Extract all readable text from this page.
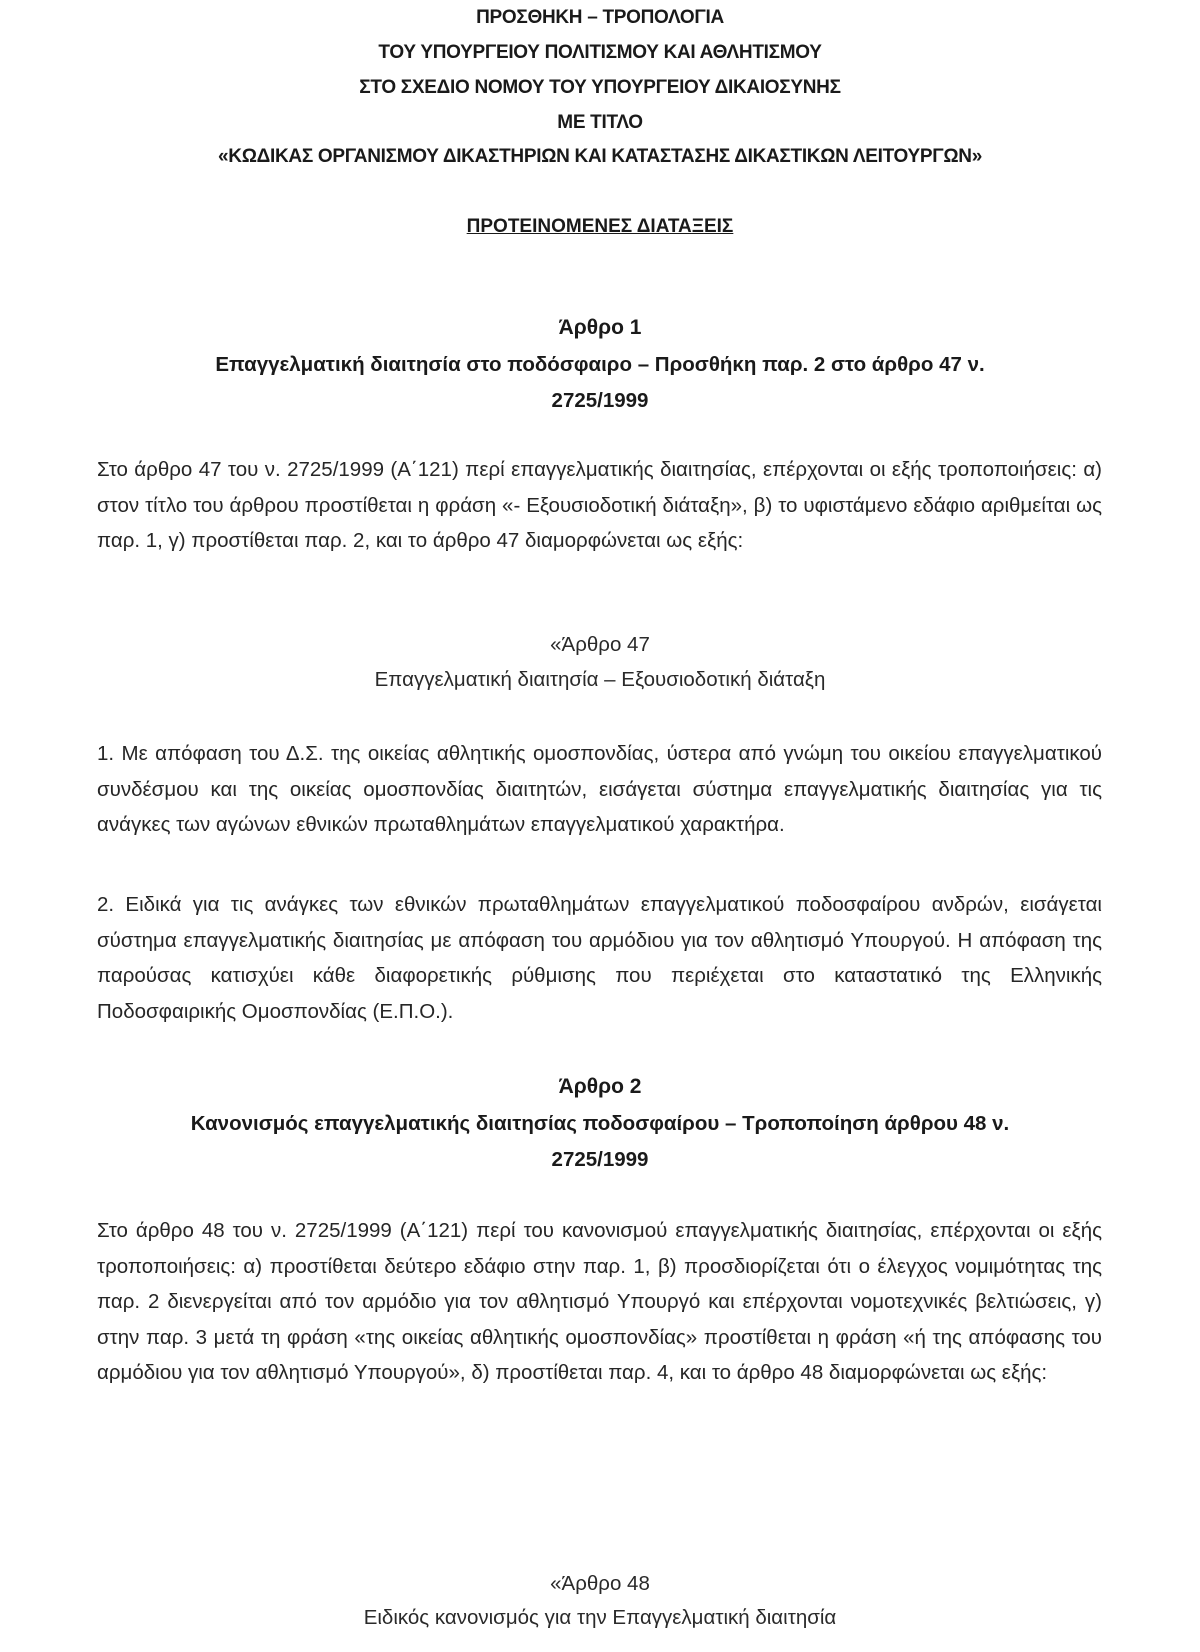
ΠΡΟΣΘΗΚΗ – ΤΡΟΠΟΛΟΓΙΑ
ΤΟΥ ΥΠΟΥΡΓΕΙΟΥ ΠΟΛΙΤΙΣΜΟΥ ΚΑΙ ΑΘΛΗΤΙΣΜΟΥ
ΣΤΟ ΣΧΕΔΙΟ ΝΟΜΟΥ ΤΟΥ ΥΠΟΥΡΓΕΙΟΥ ΔΙΚΑΙΟΣΥΝΗΣ
ΜΕ ΤΙΤΛΟ
«ΚΩΔΙΚΑΣ ΟΡΓΑΝΙΣΜΟΥ ΔΙΚΑΣΤΗΡΙΩΝ ΚΑΙ ΚΑΤΑΣΤΑΣΗΣ ΔΙΚΑΣΤΙΚΩΝ ΛΕΙΤΟΥΡΓΩΝ»
ΠΡΟΤΕΙΝΟΜΕΝΕΣ ΔΙΑΤΑΞΕΙΣ
Άρθρο 1
Επαγγελματική διαιτησία στο ποδόσφαιρο – Προσθήκη παρ. 2 στο άρθρο 47 ν.
2725/1999
Στο άρθρο 47 του ν. 2725/1999 (Α΄121) περί επαγγελματικής διαιτησίας, επέρχονται οι εξής τροποποιήσεις: α) στον τίτλο του άρθρου προστίθεται η φράση «- Εξουσιοδοτική διάταξη», β) το υφιστάμενο εδάφιο αριθμείται ως παρ. 1, γ) προστίθεται παρ. 2, και το άρθρο 47 διαμορφώνεται ως εξής:
«Άρθρο 47
Επαγγελματική διαιτησία – Εξουσιοδοτική διάταξη
1. Με απόφαση του Δ.Σ. της οικείας αθλητικής ομοσπονδίας, ύστερα από γνώμη του οικείου επαγγελματικού συνδέσμου και της οικείας ομοσπονδίας διαιτητών, εισάγεται σύστημα επαγγελματικής διαιτησίας για τις ανάγκες των αγώνων εθνικών πρωταθλημάτων επαγγελματικού χαρακτήρα.
2. Ειδικά για τις ανάγκες των εθνικών πρωταθλημάτων επαγγελματικού ποδοσφαίρου ανδρών, εισάγεται σύστημα επαγγελματικής διαιτησίας με απόφαση του αρμόδιου για τον αθλητισμό Υπουργού. Η απόφαση της παρούσας κατισχύει κάθε διαφορετικής ρύθμισης που περιέχεται στο καταστατικό της Ελληνικής Ποδοσφαιρικής Ομοσπονδίας (Ε.Π.Ο.).
Άρθρο 2
Κανονισμός επαγγελματικής διαιτησίας ποδοσφαίρου – Τροποποίηση άρθρου 48 ν.
2725/1999
Στο άρθρο 48 του ν. 2725/1999 (Α΄121) περί του κανονισμού επαγγελματικής διαιτησίας, επέρχονται οι εξής τροποποιήσεις: α) προστίθεται δεύτερο εδάφιο στην παρ. 1, β) προσδιορίζεται ότι ο έλεγχος νομιμότητας της παρ. 2 διενεργείται από τον αρμόδιο για τον αθλητισμό Υπουργό και επέρχονται νομοτεχνικές βελτιώσεις, γ) στην παρ. 3 μετά τη φράση «της οικείας αθλητικής ομοσπονδίας» προστίθεται η φράση «ή της απόφασης του αρμόδιου για τον αθλητισμό Υπουργού», δ) προστίθεται παρ. 4, και το άρθρο 48 διαμορφώνεται ως εξής:
«Άρθρο 48
Ειδικός κανονισμός για την Επαγγελματική διαιτησία
